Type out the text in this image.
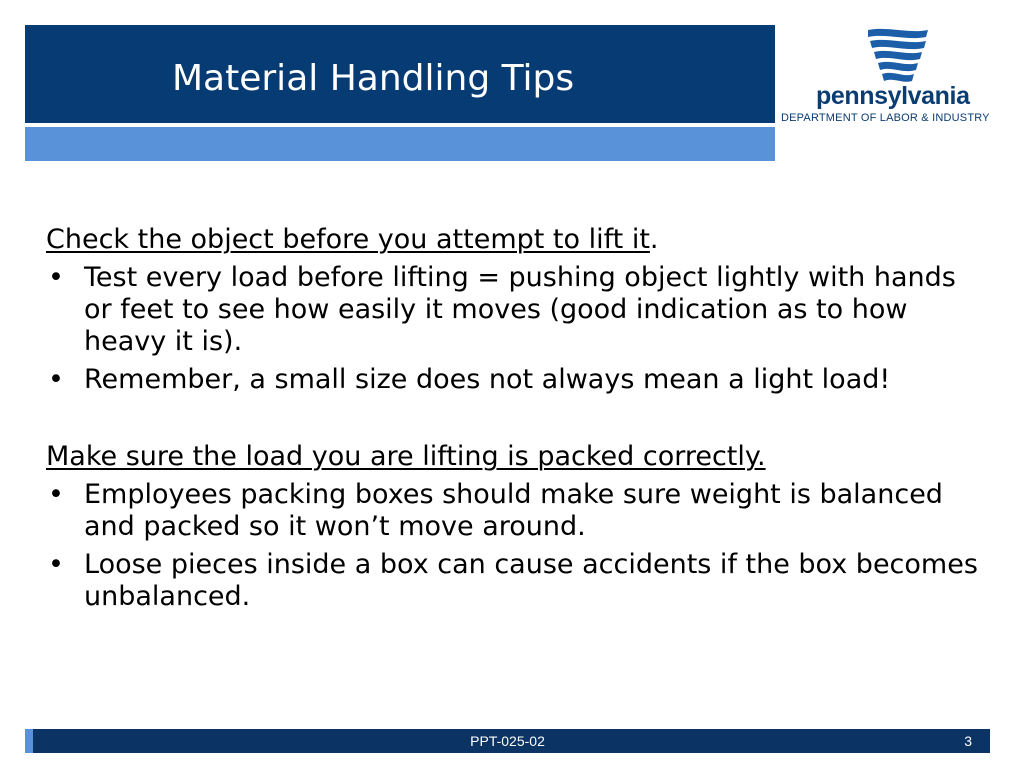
Material Handling Tips	pennsylvania
DEPARTMENT OF LABOR & INDUSTRY

Check the object before you attempt to lift it.

• Test every load before lifting = pushing object lightly with hands or feet to see how easily it moves (good indication as to how heavy it is).
• Remember, a small size does not always mean a light load!

Make sure the load you are lifting is packed correctly.

• Employees packing boxes should make sure weight is balanced and packed so it won’t move around.
• Loose pieces inside a box can cause accidents if the box becomes unbalanced.
PPT-025-02	3
